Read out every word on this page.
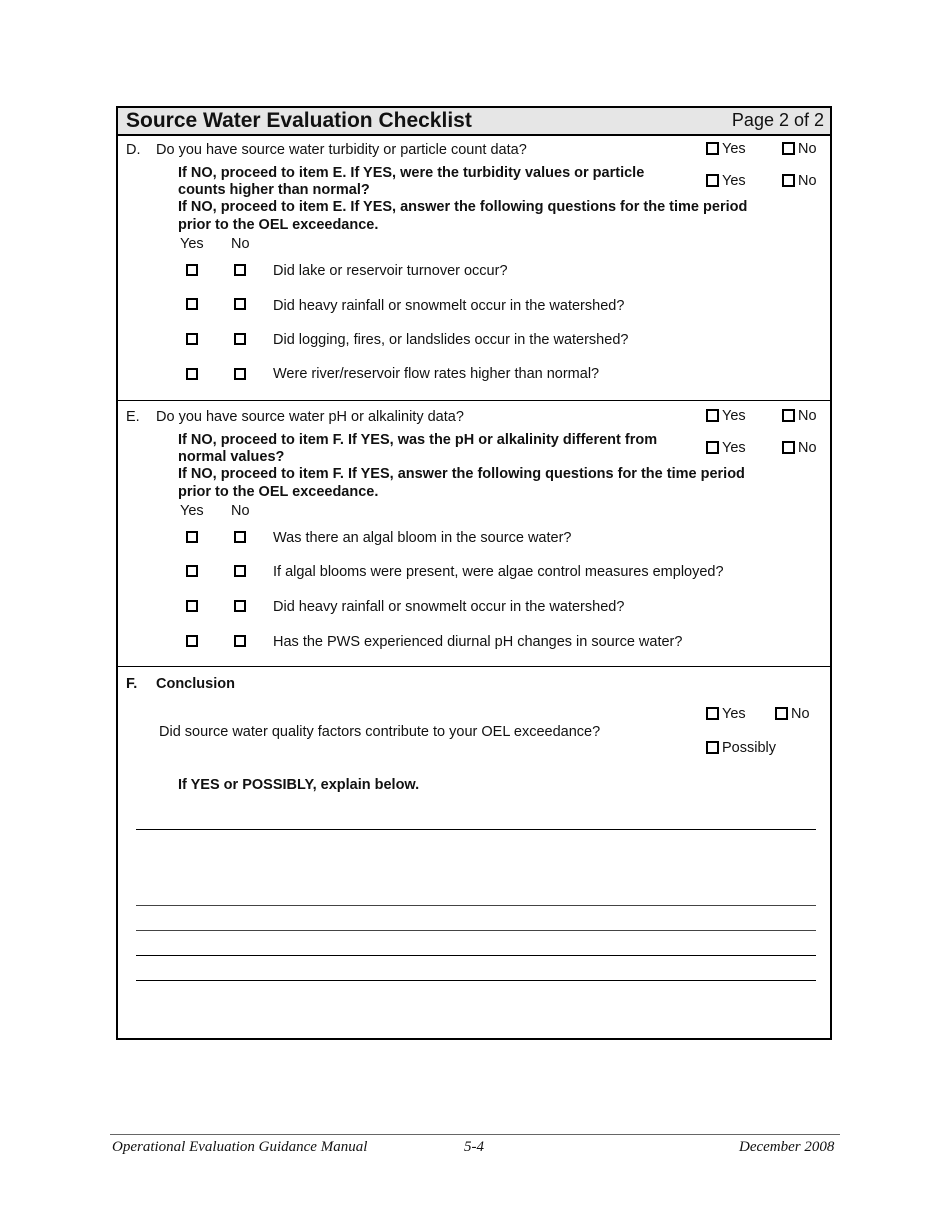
Source Water Evaluation Checklist	Page 2 of 2
D. Do you have source water turbidity or particle count data?	Yes	No
If NO, proceed to item E. If YES, were the turbidity values or particle
counts higher than normal?
Yes	No
If NO, proceed to item E. If YES, answer the following questions for the time period
prior to the OEL exceedance.
Yes No
Did lake or reservoir turnover occur?
Did heavy rainfall or snowmelt occur in the watershed?
Did logging, fires, or landslides occur in the watershed?
Were river/reservoir flow rates higher than normal?
E. Do you have source water pH or alkalinity data?	Yes	No
If NO, proceed to item F. If YES, was the pH or alkalinity different from
normal values?
Yes	No
If NO, proceed to item F. If YES, answer the following questions for the time period
prior to the OEL exceedance.
Yes No
Was there an algal bloom in the source water?
If algal blooms were present, were algae control measures employed?
Did heavy rainfall or snowmelt occur in the watershed?
Has the PWS experienced diurnal pH changes in source water?
F. Conclusion
Yes	No
Possibly
Did source water quality factors contribute to your OEL exceedance?
If YES or POSSIBLY, explain below.
Operational Evaluation Guidance Manual	5-4	December 2008
